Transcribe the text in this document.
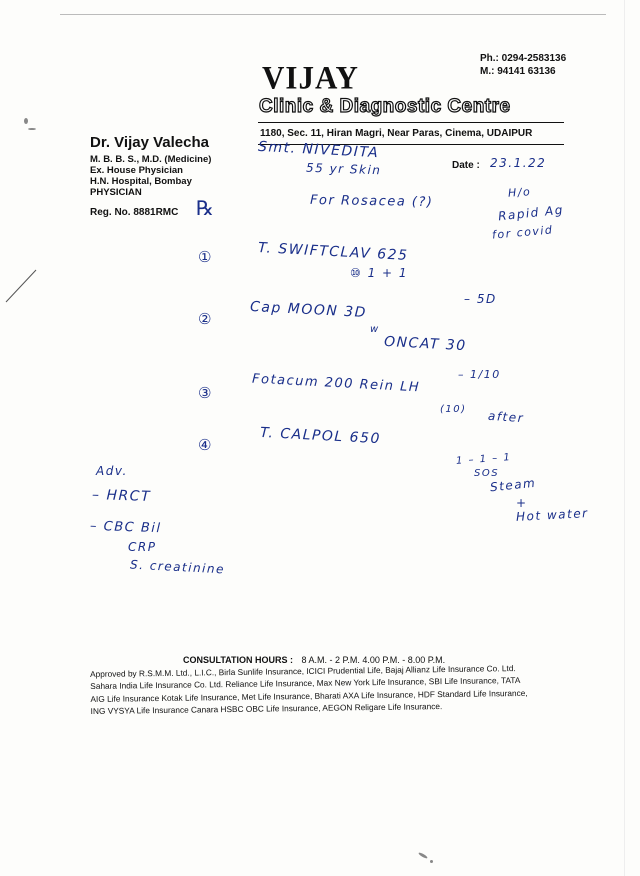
Ph.: 0294-2583136
M.: 94141 63136
VIJAY
Clinic & Diagnostic Centre
1180, Sec. 11, Hiran Magri, Near Paras, Cinema, UDAIPUR
Dr. Vijay Valecha
M. B. B. S., M.D. (Medicine)
Ex. House Physician
H.N. Hospital, Bombay
PHYSICIAN
Reg. No. 8881RMC
Smt. NIVEDITA
55 yr Skin	Date : 23.1.22
℞	For Rosacea (?)
H/o
Rapid Ag
for covid
①	T. SWIFTCLAV 625
⑩ 1 + 1
– 5D
②	Cap MOON 3D
w
ONCAT 30
– 1/10
③	Fotacum 200 Rein LH
(10) after
④	T. CALPOL 650
1 – 1 – 1
SOS
Steam
+
Hot water
Adv.
– HRCT
– CBC Bil
CRP
S. creatinine
CONSULTATION HOURS : 8 A.M. - 2 P.M. 4.00 P.M. - 8.00 P.M.
Approved by R.S.M.M. Ltd., L.I.C., Birla Sunlife Insurance, ICICI Prudential Life, Bajaj Allianz Life Insurance Co. Ltd. Sahara India Life Insurance Co. Ltd. Reliance Life Insurance, Max New York Life Insurance, SBI Life Insurance, TATA AIG Life Insurance Kotak Life Insurance, Met Life Insurance, Bharati AXA Life Insurance, HDF Standard Life Insurance, ING VYSYA Life Insurance Canara HSBC OBC Life Insurance, AEGON Religare Life Insurance.
